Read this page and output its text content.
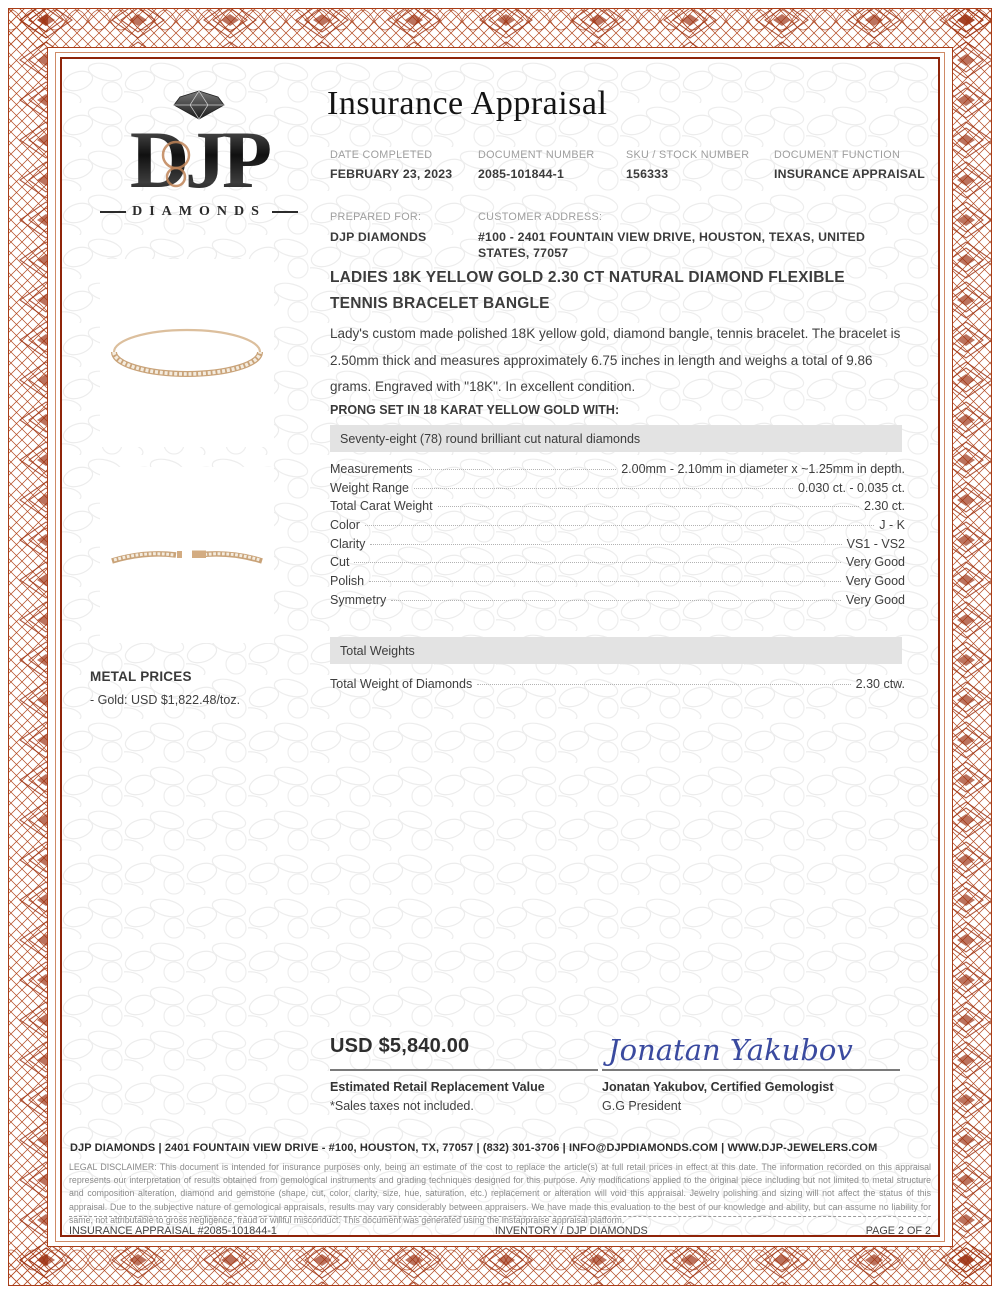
DJP
DIAMONDS
METAL PRICES

- Gold: USD $1,822.48/toz.

Insurance Appraisal
DATE COMPLETED
FEBRUARY 23, 2023
DOCUMENT NUMBER
2085-101844-1
SKU / STOCK NUMBER
156333
DOCUMENT FUNCTION
INSURANCE APPRAISAL
PREPARED FOR:
DJP DIAMONDS
CUSTOMER ADDRESS:
#100 - 2401 FOUNTAIN VIEW DRIVE, HOUSTON, TEXAS, UNITED STATES, 77057
LADIES 18K YELLOW GOLD 2.30 CT NATURAL DIAMOND FLEXIBLE TENNIS BRACELET BANGLE
Lady's custom made polished 18K yellow gold, diamond bangle, tennis bracelet. The bracelet is 2.50mm thick and measures approximately 6.75 inches in length and weighs a total of 9.86 grams. Engraved with "18K". In excellent condition.
PRONG SET IN 18 KARAT YELLOW GOLD WITH:
Seventy-eight (78) round brilliant cut natural diamonds
Measurements	2.00mm - 2.10mm in diameter x ~1.25mm in depth.
Weight Range	0.030 ct. - 0.035 ct.
Total Carat Weight	2.30 ct.
Color	J - K
Clarity	VS1 - VS2
Cut	Very Good
Polish	Very Good
Symmetry	Very Good
Total Weights
Total Weight of Diamonds	2.30 ctw.
USD $5,840.00
Estimated Retail Replacement Value
*Sales taxes not included.
Jonatan Yakubov
Jonatan Yakubov, Certified Gemologist
G.G President
DJP DIAMONDS | 2401 FOUNTAIN VIEW DRIVE - #100, HOUSTON, TX, 77057 | (832) 301-3706 | INFO@DJPDIAMONDS.COM | WWW.DJP-JEWELERS.COM
LEGAL DISCLAIMER: This document is intended for insurance purposes only, being an estimate of the cost to replace the article(s) at full retail prices in effect at this date. The information recorded on this appraisal represents our interpretation of results obtained from gemological instruments and grading techniques designed for this purpose. Any modifications applied to the original piece including but not limited to metal structure and composition alteration, diamond and gemstone (shape, cut, color, clarity, size, hue, saturation, etc.) replacement or alteration will void this appraisal. Jewelry polishing and sizing will not affect the status of this appraisal. Due to the subjective nature of gemological appraisals, results may vary considerably between appraisers. We have made this evaluation to the best of our knowledge and ability, but can assume no liability for same, not attributable to gross negligence, fraud or willful misconduct. This document was generated using the Instappraise appraisal platform.
INSURANCE APPRAISAL #2085-101844-1	INVENTORY / DJP DIAMONDS	PAGE 2 OF 2
